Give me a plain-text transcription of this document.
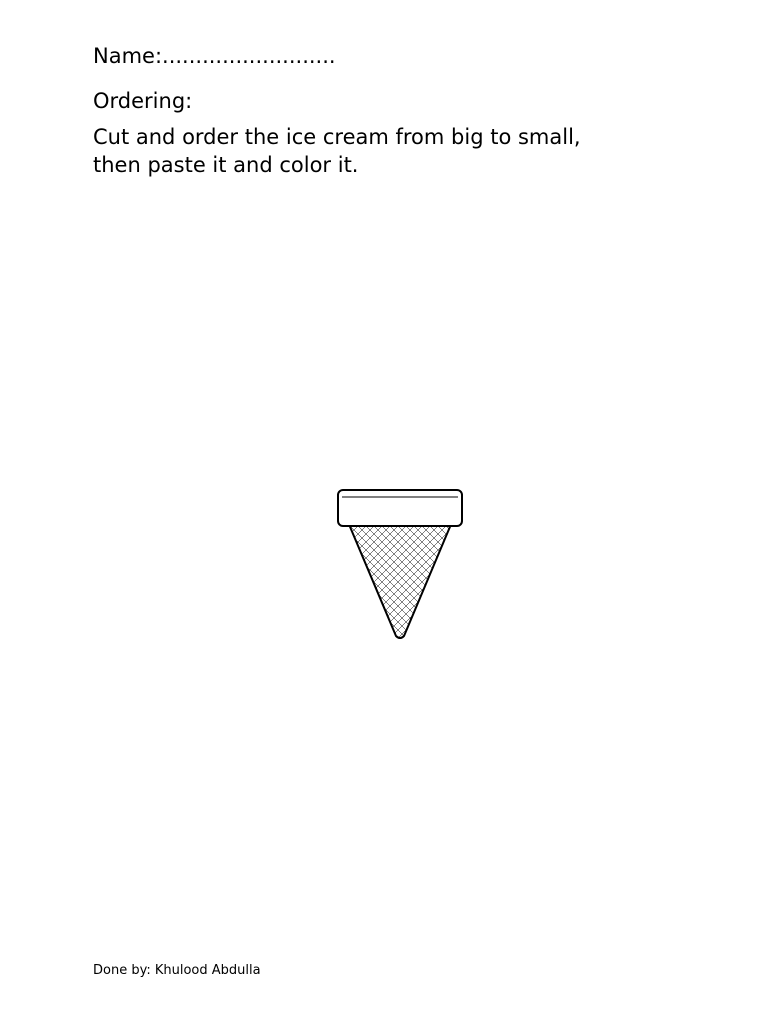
Name:..........................
Ordering:
Cut and order the ice cream from big to small,
then paste it and color it.
Done by: Khulood Abdulla
